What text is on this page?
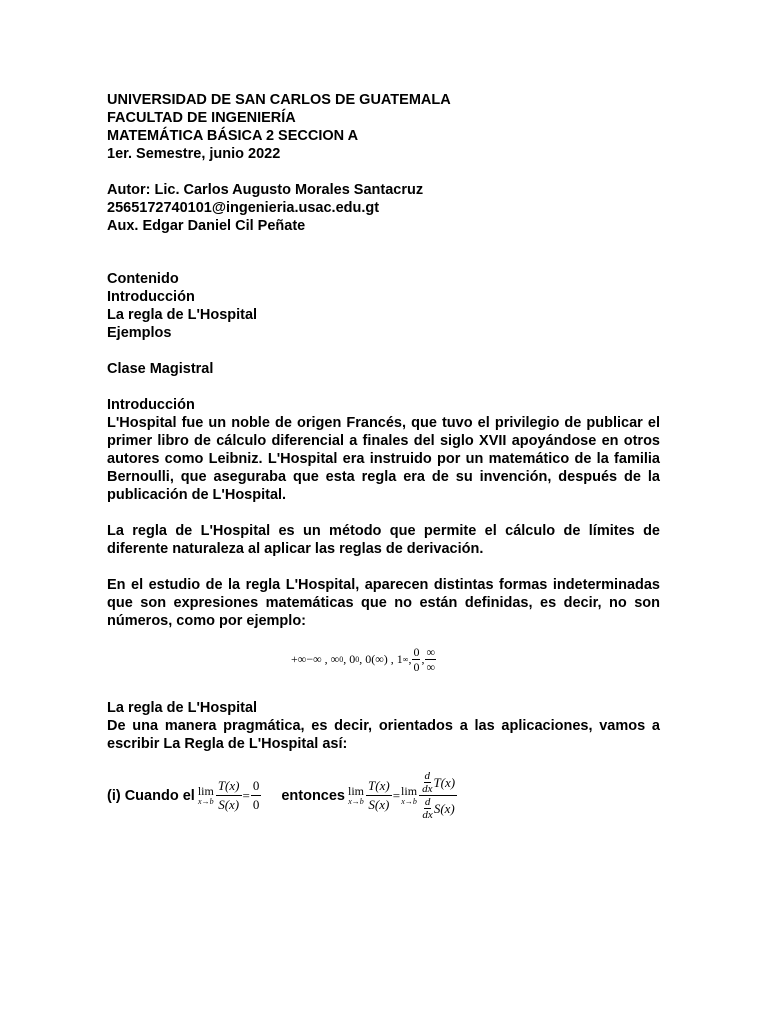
UNIVERSIDAD DE SAN CARLOS DE GUATEMALA
FACULTAD DE INGENIERÍA
MATEMÁTICA BÁSICA 2 SECCION A
1er. Semestre, junio 2022
Autor: Lic. Carlos Augusto Morales Santacruz
2565172740101@ingenieria.usac.edu.gt
Aux. Edgar Daniel Cil Peñate
Contenido
Introducción
La regla de L'Hospital
Ejemplos
Clase Magistral
Introducción
L'Hospital fue un noble de origen Francés, que tuvo el privilegio de publicar el primer libro de cálculo diferencial a finales del siglo XVII apoyándose en otros autores como Leibniz. L'Hospital era instruido por un matemático de la familia Bernoulli, que aseguraba que esta regla era de su invención, después de la publicación de L'Hospital.
La regla de L'Hospital es un método que permite el cálculo de límites de diferente naturaleza al aplicar las reglas de derivación.
En el estudio de la regla L'Hospital, aparecen distintas formas indeterminadas que son expresiones matemáticas que no están definidas, es decir, no son números, como por ejemplo:
+∞−∞ , ∞ 0 , 0 0 , 0(∞) , 1 ∞ , $\frac{0}{0}$ , $\frac{\infty}{\infty}$
La regla de L'Hospital
De una manera pragmática, es decir, orientados a las aplicaciones, vamos a escribir La Regla de L'Hospital así:
(i) Cuando el lim
$x\to b \frac{T(x)}{S(x)} = \frac{0}{0}$ entonces lim
$x\to b \frac{T(x)}{S(x)} = \lim$
x→b d
dx T(x)
d
dx S(x)
